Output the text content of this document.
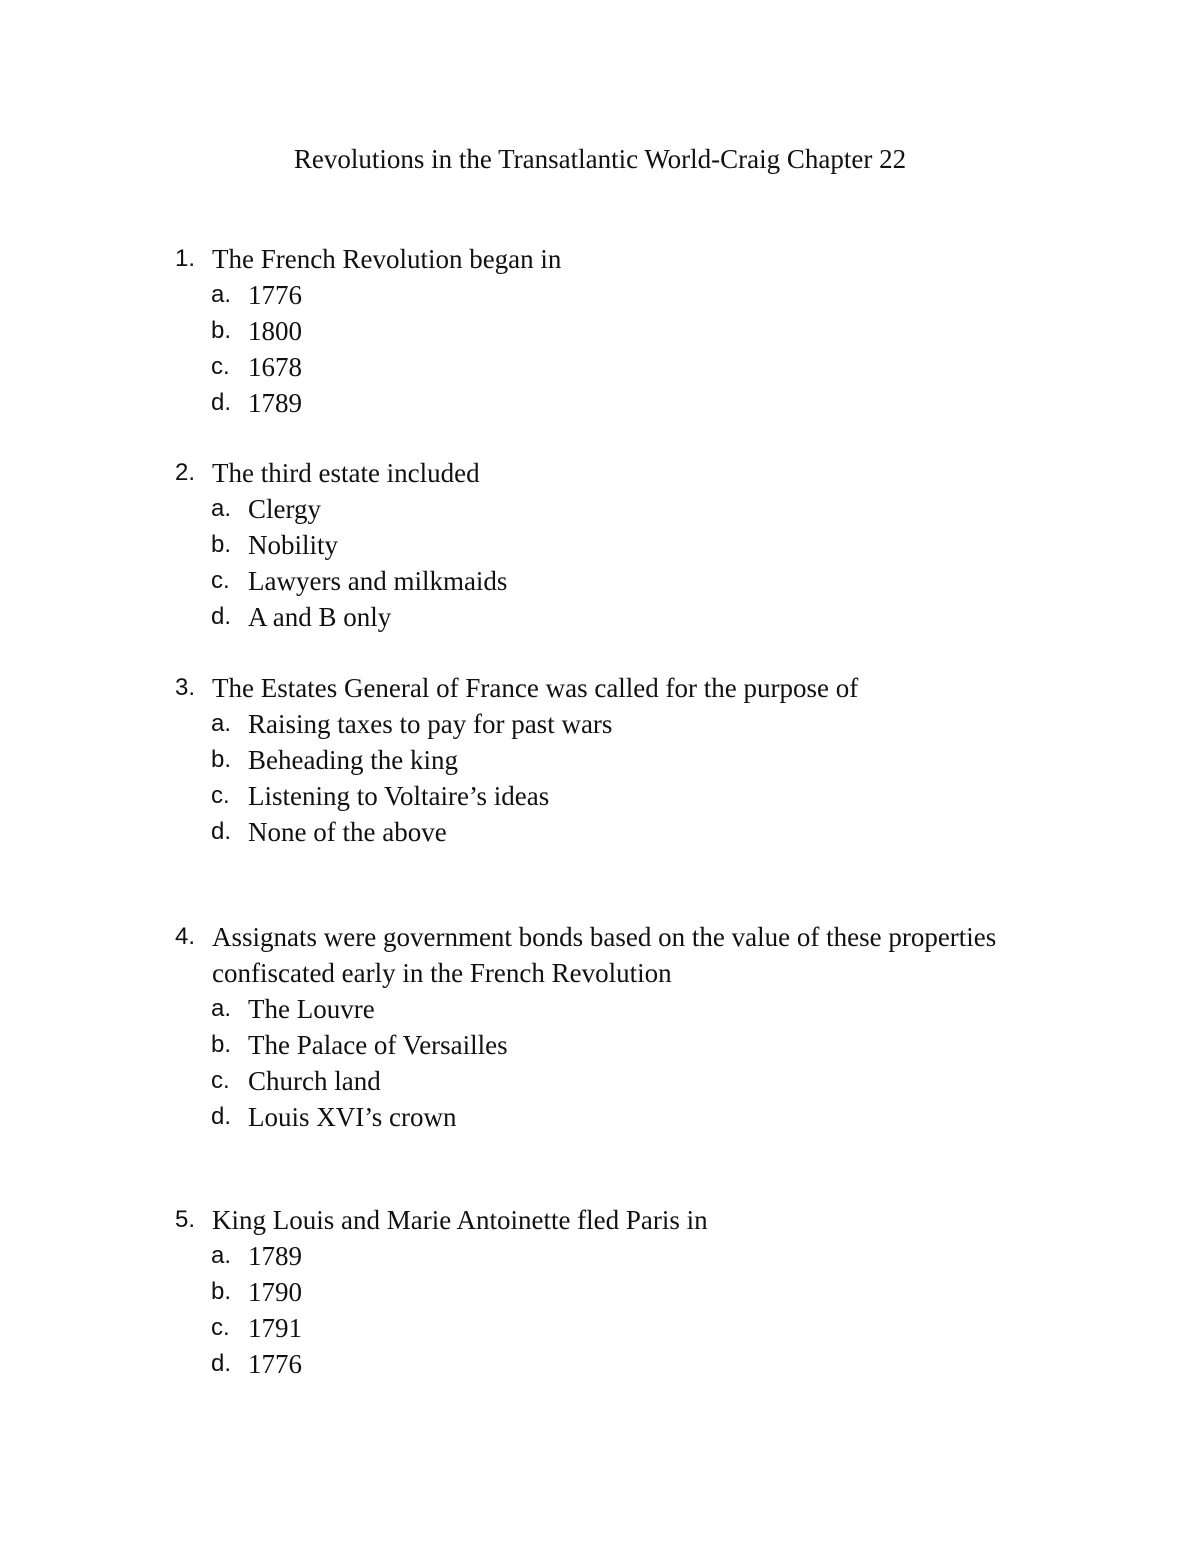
Revolutions in the Transatlantic World-Craig Chapter 22
1. The French Revolution began in
a. 1776
b. 1800
c. 1678
d. 1789
2. The third estate included
a. Clergy
b. Nobility
c. Lawyers and milkmaids
d. A and B only
3. The Estates General of France was called for the purpose of
a. Raising taxes to pay for past wars
b. Beheading the king
c. Listening to Voltaire’s ideas
d. None of the above
4. Assignats were government bonds based on the value of these properties
confiscated early in the French Revolution
a. The Louvre
b. The Palace of Versailles
c. Church land
d. Louis XVI’s crown
5. King Louis and Marie Antoinette fled Paris in
a. 1789
b. 1790
c. 1791
d. 1776
